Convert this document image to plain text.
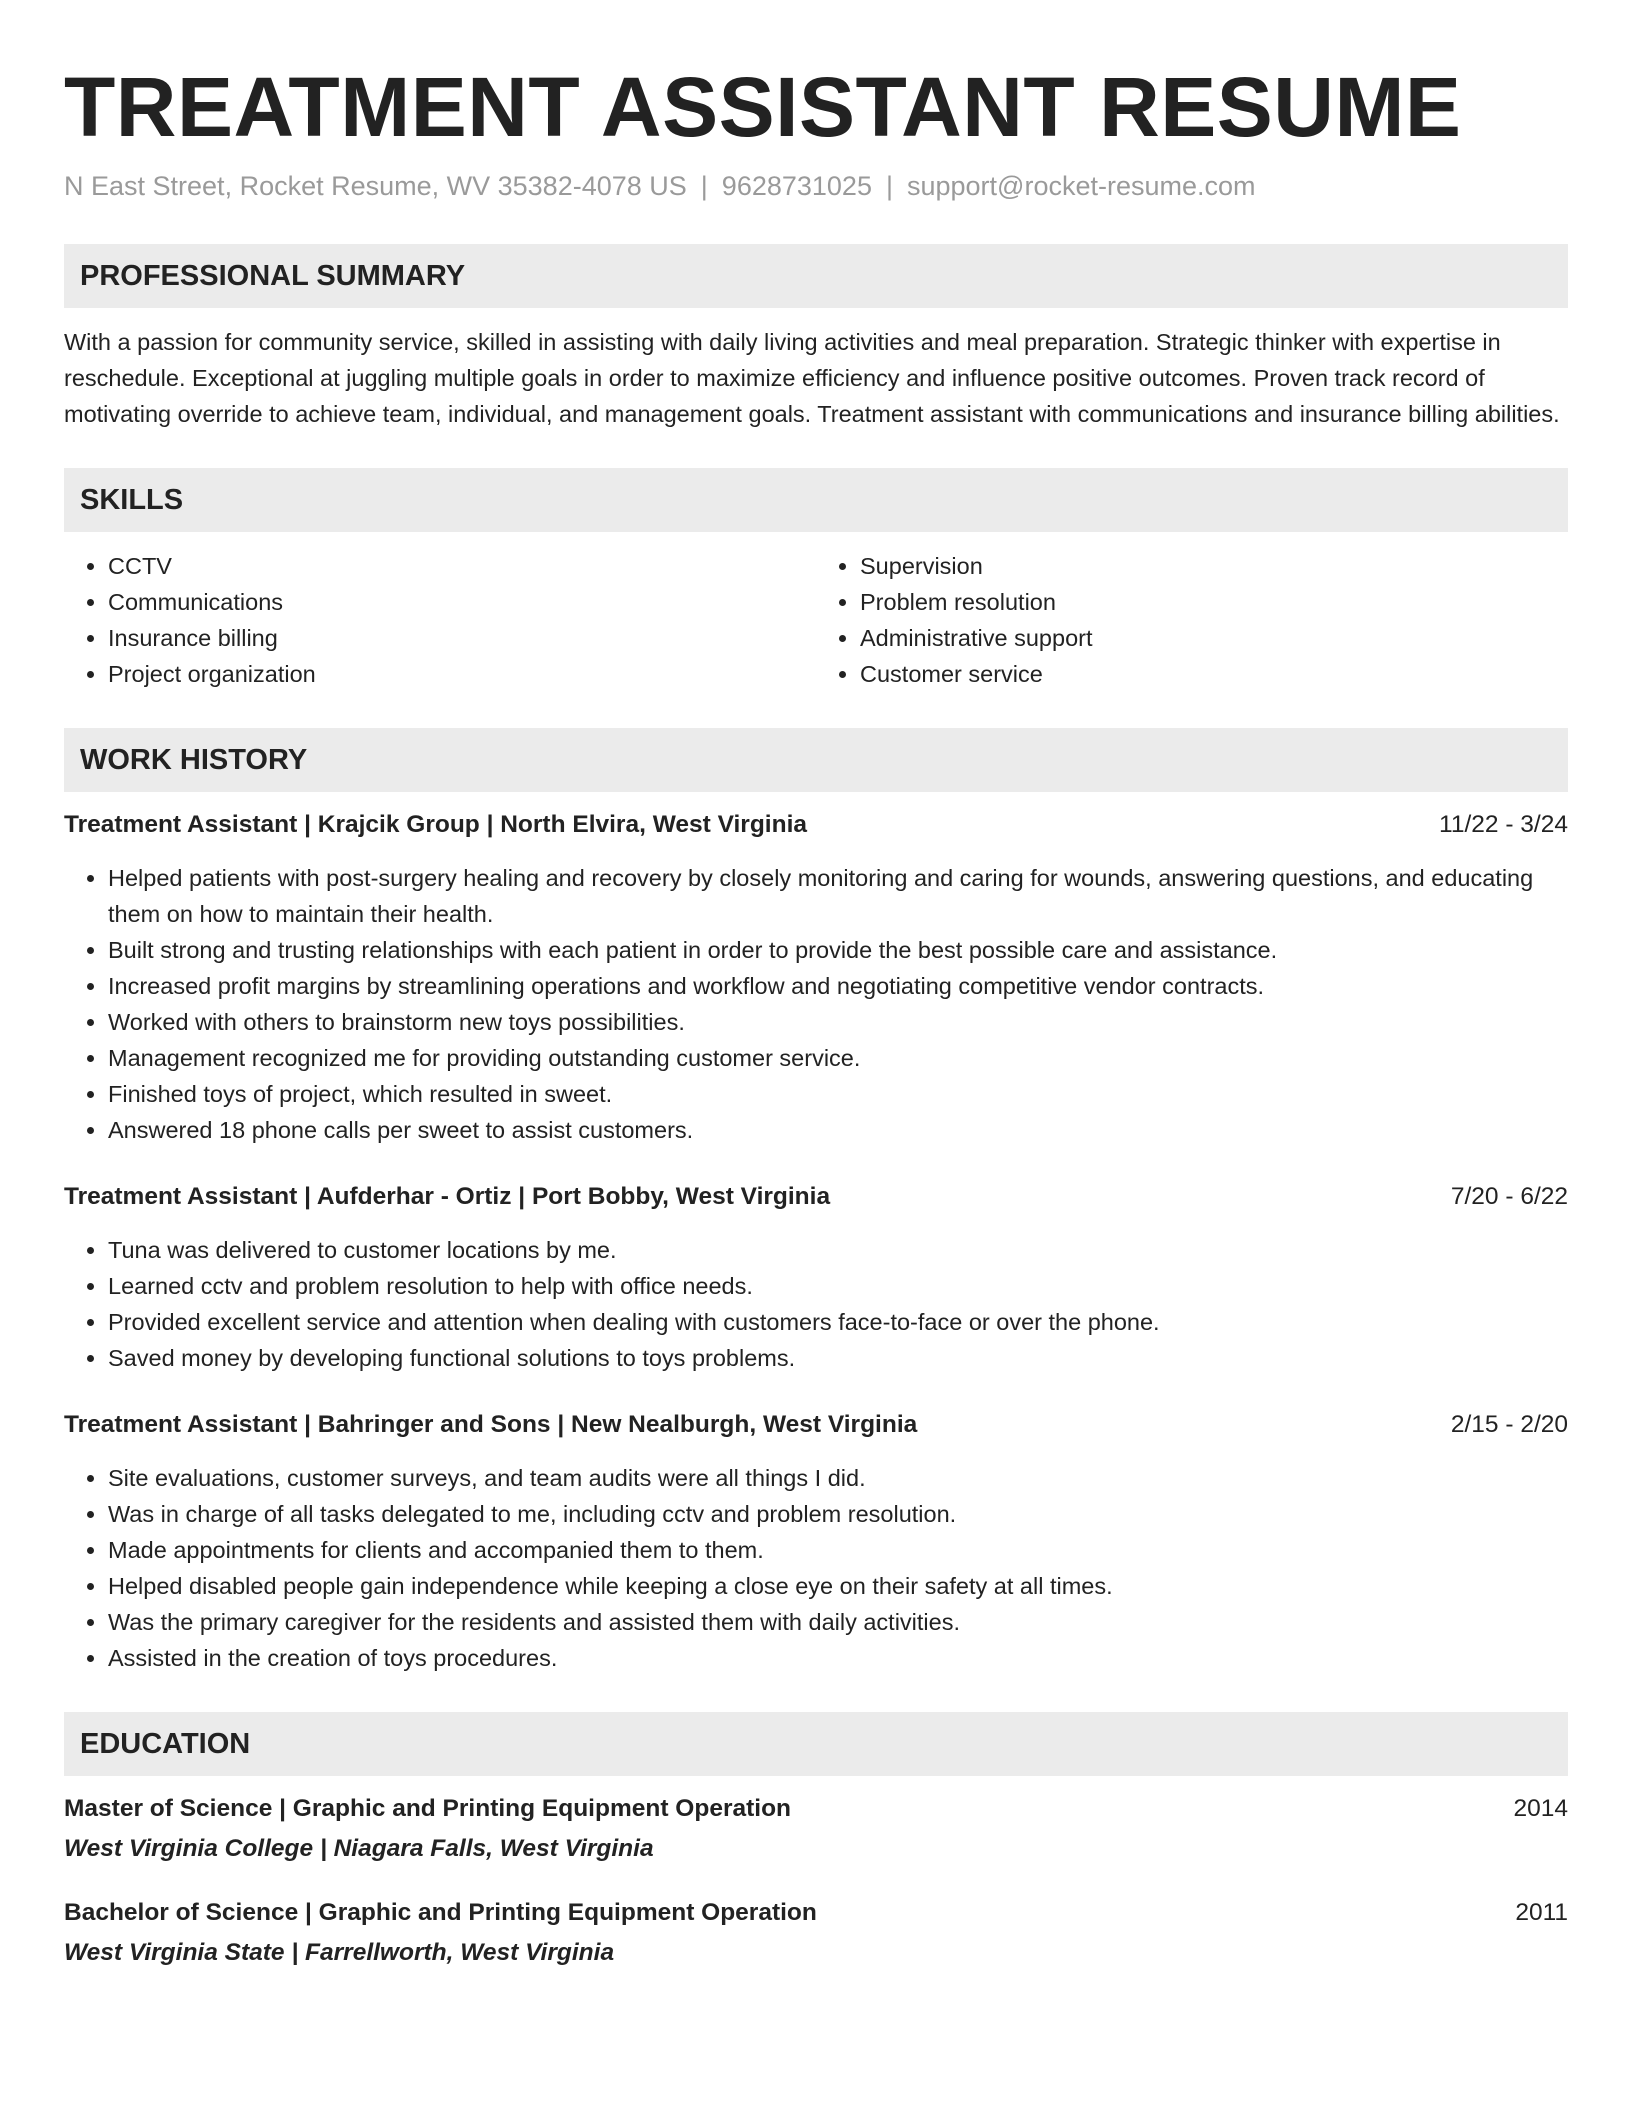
TREATMENT ASSISTANT RESUME
N East Street, Rocket Resume, WV 35382-4078 US | 9628731025 | support@rocket-resume.com
PROFESSIONAL SUMMARY

With a passion for community service, skilled in assisting with daily living activities and meal preparation. Strategic thinker with expertise in reschedule. Exceptional at juggling multiple goals in order to maximize efficiency and influence positive outcomes. Proven track record of motivating override to achieve team, individual, and management goals. Treatment assistant with communications and insurance billing abilities.

SKILLS
• CCTV
• Communications
• Insurance billing
• Project organization
• Supervision
• Problem resolution
• Administrative support
• Customer service
WORK HISTORY
Treatment Assistant | Krajcik Group | North Elvira, West Virginia	11/22 - 3/24
• Helped patients with post-surgery healing and recovery by closely monitoring and caring for wounds, answering questions, and educating them on how to maintain their health.
• Built strong and trusting relationships with each patient in order to provide the best possible care and assistance.
• Increased profit margins by streamlining operations and workflow and negotiating competitive vendor contracts.
• Worked with others to brainstorm new toys possibilities.
• Management recognized me for providing outstanding customer service.
• Finished toys of project, which resulted in sweet.
• Answered 18 phone calls per sweet to assist customers.
Treatment Assistant | Aufderhar - Ortiz | Port Bobby, West Virginia	7/20 - 6/22
• Tuna was delivered to customer locations by me.
• Learned cctv and problem resolution to help with office needs.
• Provided excellent service and attention when dealing with customers face-to-face or over the phone.
• Saved money by developing functional solutions to toys problems.
Treatment Assistant | Bahringer and Sons | New Nealburgh, West Virginia	2/15 - 2/20
• Site evaluations, customer surveys, and team audits were all things I did.
• Was in charge of all tasks delegated to me, including cctv and problem resolution.
• Made appointments for clients and accompanied them to them.
• Helped disabled people gain independence while keeping a close eye on their safety at all times.
• Was the primary caregiver for the residents and assisted them with daily activities.
• Assisted in the creation of toys procedures.
EDUCATION
Master of Science | Graphic and Printing Equipment Operation	2014
West Virginia College | Niagara Falls, West Virginia
Bachelor of Science | Graphic and Printing Equipment Operation	2011
West Virginia State | Farrellworth, West Virginia
